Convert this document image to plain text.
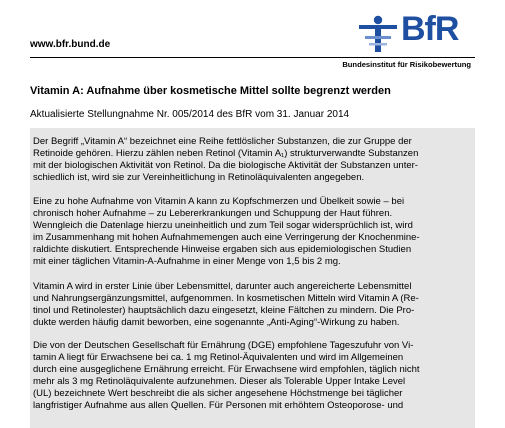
www.bfr.bund.de	BfR
Bundesinstitut für Risikobewertung
Vitamin A: Aufnahme über kosmetische Mittel sollte begrenzt werden
Aktualisierte Stellungnahme Nr. 005/2014 des BfR vom 31. Januar 2014
Der Begriff „Vitamin A“ bezeichnet eine Reihe fettlöslicher Substanzen, die zur Gruppe der
Retinoide gehören. Hierzu zählen neben Retinol (Vitamin A₁) strukturverwandte Substanzen
mit der biologischen Aktivität von Retinol. Da die biologische Aktivität der Substanzen unter-
schiedlich ist, wird sie zur Vereinheitlichung in Retinoläquivalenten angegeben.
Eine zu hohe Aufnahme von Vitamin A kann zu Kopfschmerzen und Übelkeit sowie – bei
chronisch hoher Aufnahme – zu Lebererkrankungen und Schuppung der Haut führen.
Wenngleich die Datenlage hierzu uneinheitlich und zum Teil sogar widersprüchlich ist, wird
im Zusammenhang mit hohen Aufnahmemengen auch eine Verringerung der Knochenmine-
raldichte diskutiert. Entsprechende Hinweise ergaben sich aus epidemiologischen Studien
mit einer täglichen Vitamin-A-Aufnahme in einer Menge von 1,5 bis 2 mg.
Vitamin A wird in erster Linie über Lebensmittel, darunter auch angereicherte Lebensmittel
und Nahrungsergänzungsmittel, aufgenommen. In kosmetischen Mitteln wird Vitamin A (Re-
tinol und Retinolester) hauptsächlich dazu eingesetzt, kleine Fältchen zu mindern. Die Pro-
dukte werden häufig damit beworben, eine sogenannte „Anti-Aging“-Wirkung zu haben.
Die von der Deutschen Gesellschaft für Ernährung (DGE) empfohlene Tageszufuhr von Vi-
tamin A liegt für Erwachsene bei ca. 1 mg Retinol-Äquivalenten und wird im Allgemeinen
durch eine ausgeglichene Ernährung erreicht. Für Erwachsene wird empfohlen, täglich nicht
mehr als 3 mg Retinoläquivalente aufzunehmen. Dieser als Tolerable Upper Intake Level
(UL) bezeichnete Wert beschreibt die als sicher angesehene Höchstmenge bei täglicher
langfristiger Aufnahme aus allen Quellen. Für Personen mit erhöhtem Osteoporose- und
